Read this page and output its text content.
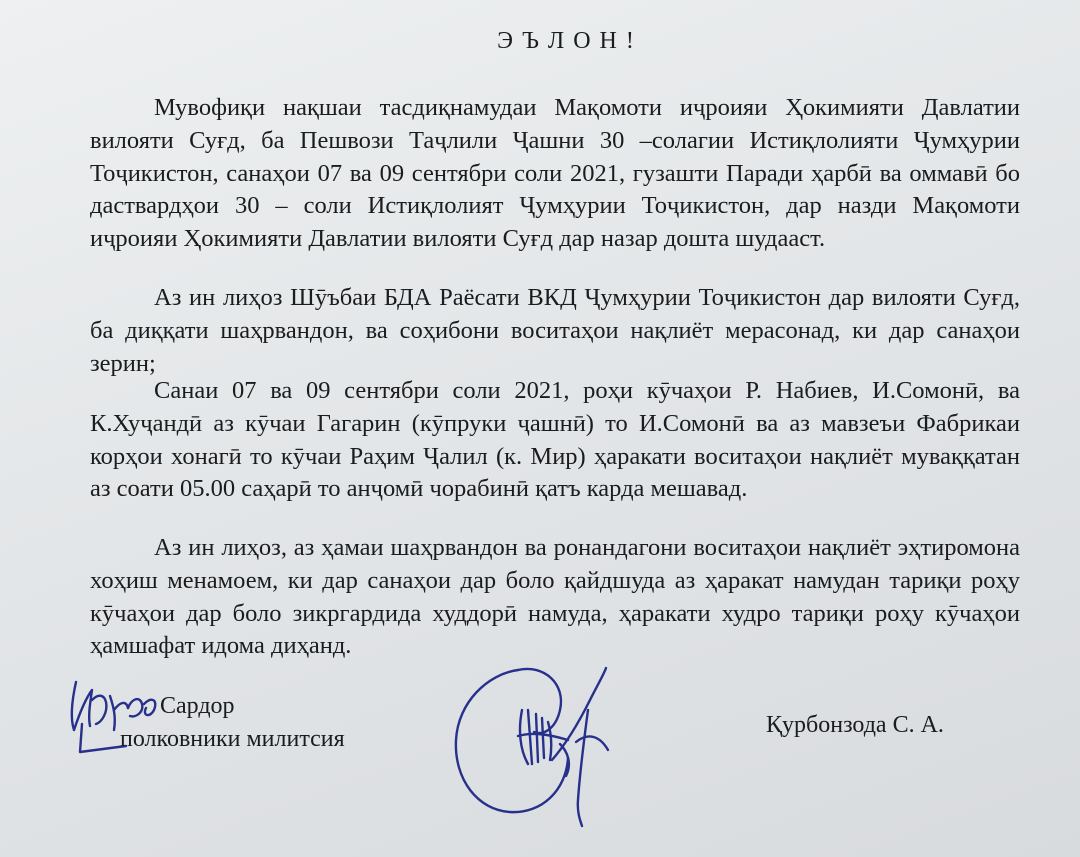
ЭЪЛОН!
Мувофиқи нақшаи тасдиқнамудаи Мақомоти иҷроияи Ҳокимияти Давлатии вилояти Суғд, ба Пешвози Таҷлили Ҷашни 30 –солагии Истиқлолияти Ҷумҳурии Тоҷикистон, санаҳои 07 ва 09 сентябри соли 2021, гузашти Паради ҳарбӣ ва оммавӣ бо даствардҳои 30 – соли Истиқлолият Ҷумҳурии Тоҷикистон, дар назди Мақомоти иҷроияи Ҳокимияти Давлатии вилояти Суғд дар назар дошта шудааст.
Аз ин лиҳоз Шӯъбаи БДА Раёсати ВКД Ҷумҳурии Тоҷикистон дар вилояти Суғд, ба диққати шаҳрвандон, ва соҳибони воситаҳои нақлиёт мерасонад, ки дар санаҳои зерин;
Санаи 07 ва 09 сентябри соли 2021, роҳи кӯчаҳои Р. Набиев, И.Сомонӣ, ва К.Хуҷандӣ аз кӯчаи Гагарин (кӯпруки ҷашнӣ) то И.Сомонӣ ва аз мавзеъи Фабрикаи корҳои хонагӣ то кӯчаи Раҳим Ҷалил (к. Мир) ҳаракати воситаҳои нақлиёт муваққатан аз соати 05.00 саҳарӣ то анҷомӣ чорабинӣ қатъ карда мешавад.
Аз ин лиҳоз, аз ҳамаи шаҳрвандон ва ронандагони воситаҳои нақлиёт эҳтиромона хоҳиш менамоем, ки дар санаҳои дар боло қайдшуда аз ҳаракат намудан тариқи роҳу кӯчаҳои дар боло зикргардида худдорӣ намуда, ҳаракати худро тариқи роҳу кӯчаҳои ҳамшафат идома диҳанд.
Сардор
полковники милитсия
Қурбонзода С. А.
